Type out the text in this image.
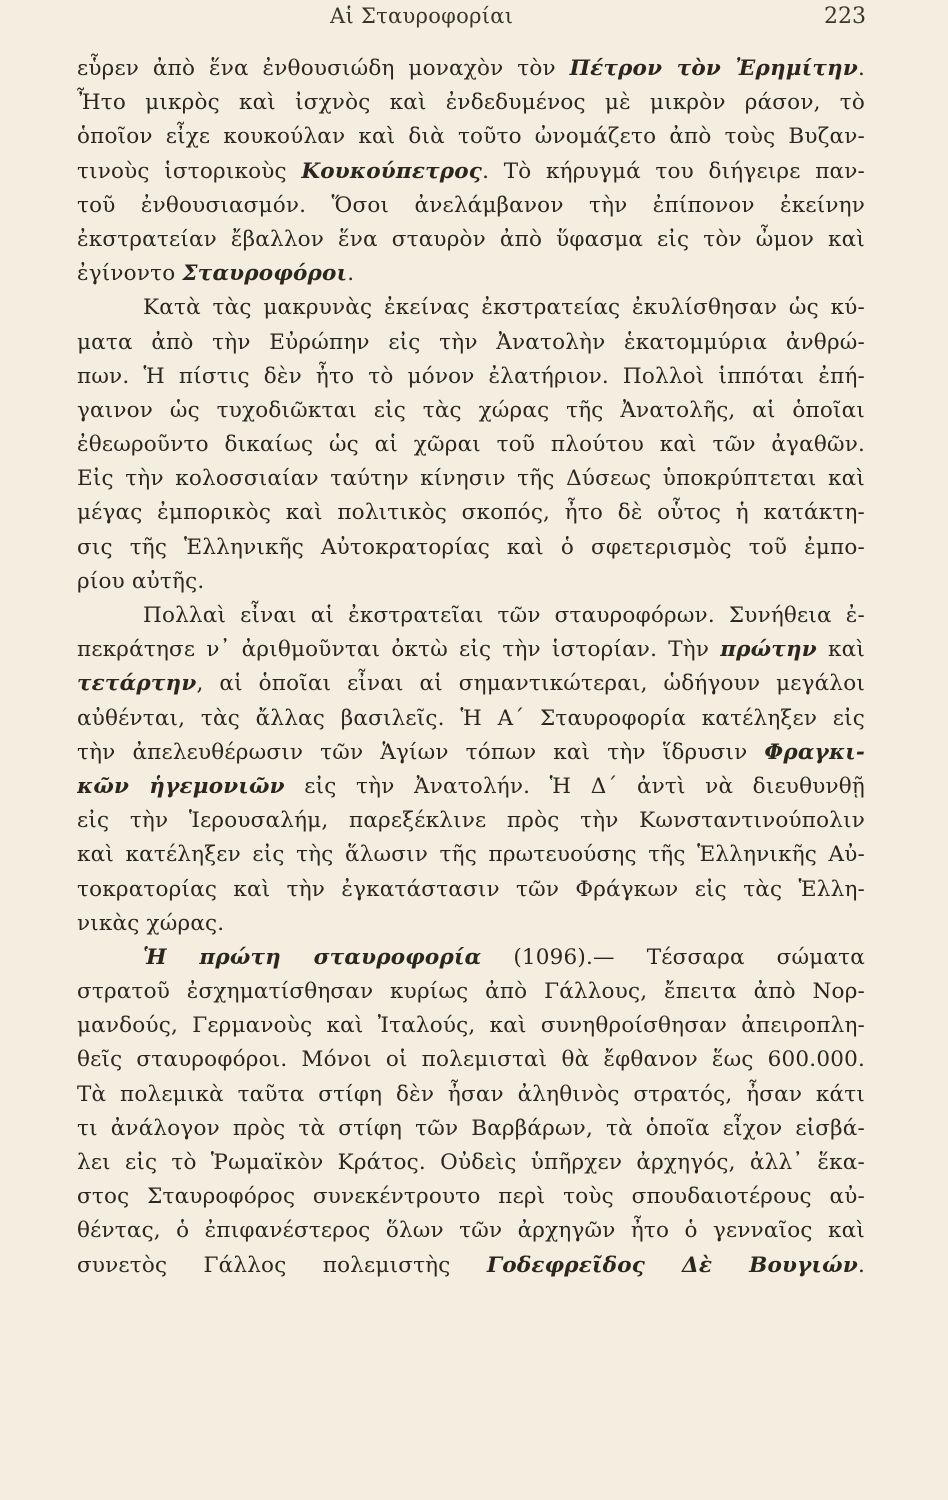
Αἱ Σταυροφορίαι	223
εὗρεν ἀπὸ ἕνα ἐνθουσιώδη μοναχὸν τὸν Πέτρον τὸν Ἐρημίτην.
Ἦτο μικρὸς καὶ ἰσχνὸς καὶ ἐνδεδυμένος μὲ μικρὸν ράσον, τὸ
ὁποῖον εἶχε κουκούλαν καὶ διὰ τοῦτο ὠνομάζετο ἀπὸ τοὺς Βυζαν-
τινοὺς ἱστορικοὺς Κουκούπετρος. Τὸ κήρυγμά του διήγειρε παν-
τοῦ ἐνθουσιασμόν. Ὅσοι ἀνελάμβανον τὴν ἐπίπονον ἐκείνην
ἐκστρατείαν ἔβαλλον ἕνα σταυρὸν ἀπὸ ὕφασμα εἰς τὸν ὦμον καὶ
ἐγίνοντο Σταυροφόροι.
Κατὰ τὰς μακρυνὰς ἐκείνας ἐκστρατείας ἐκυλίσθησαν ὡς κύ-
ματα ἀπὸ τὴν Εὐρώπην εἰς τὴν Ἀνατολὴν ἑκατομμύρια ἀνθρώ-
πων. Ἡ πίστις δὲν ἦτο τὸ μόνον ἐλατήριον. Πολλοὶ ἱππόται ἐπή-
γαινον ὡς τυχοδιῶκται εἰς τὰς χώρας τῆς Ἀνατολῆς, αἱ ὁποῖαι
ἐθεωροῦντο δικαίως ὡς αἱ χῶραι τοῦ πλούτου καὶ τῶν ἀγαθῶν.
Εἰς τὴν κολοσσιαίαν ταύτην κίνησιν τῆς Δύσεως ὑποκρύπτεται καὶ
μέγας ἐμπορικὸς καὶ πολιτικὸς σκοπός, ἦτο δὲ οὗτος ἡ κατάκτη-
σις τῆς Ἑλληνικῆς Αὐτοκρατορίας καὶ ὁ σφετερισμὸς τοῦ ἐμπο-
ρίου αὐτῆς.
Πολλαὶ εἶναι αἱ ἐκστρατεῖαι τῶν σταυροφόρων. Συνήθεια ἐ-
πεκράτησε ν᾿ ἀριθμοῦνται ὀκτὼ εἰς τὴν ἱστορίαν. Τὴν πρώτην καὶ
τετάρτην, αἱ ὁποῖαι εἶναι αἱ σημαντικώτεραι, ὡδήγουν μεγάλοι
αὐθένται, τὰς ἄλλας βασιλεῖς. Ἡ Α΄ Σταυροφορία κατέληξεν εἰς
τὴν ἀπελευθέρωσιν τῶν Ἁγίων τόπων καὶ τὴν ἵδρυσιν Φραγκι-
κῶν ἡγεμονιῶν εἰς τὴν Ἀνατολήν. Ἡ Δ΄ ἀντὶ νὰ διευθυνθῇ
εἰς τὴν Ἱερουσαλήμ, παρεξέκλινε πρὸς τὴν Κωνσταντινούπολιν
καὶ κατέληξεν εἰς τὴς ἅλωσιν τῆς πρωτευούσης τῆς Ἑλληνικῆς Αὐ-
τοκρατορίας καὶ τὴν ἐγκατάστασιν τῶν Φράγκων εἰς τὰς Ἑλλη-
νικὰς χώρας.
Ἡ πρώτη σταυροφορία (1096).— Τέσσαρα σώματα
στρατοῦ ἐσχηματίσθησαν κυρίως ἀπὸ Γάλλους, ἔπειτα ἀπὸ Νορ-
μανδούς, Γερμανοὺς καὶ Ἰταλούς, καὶ συνηθροίσθησαν ἀπειροπλη-
θεῖς σταυροφόροι. Μόνοι οἱ πολεμισταὶ θὰ ἔφθανον ἕως 600.000.
Τὰ πολεμικὰ ταῦτα στίφη δὲν ἦσαν ἀληθινὸς στρατός, ἦσαν κάτι
τι ἀνάλογον πρὸς τὰ στίφη τῶν Βαρβάρων, τὰ ὁποῖα εἶχον εἰσβά-
λει εἰς τὸ Ῥωμαϊκὸν Κράτος. Οὐδεὶς ὑπῆρχεν ἀρχηγός, ἀλλ᾿ ἕκα-
στος Σταυροφόρος συνεκέντρουτο περὶ τοὺς σπουδαιοτέρους αὐ-
θέντας, ὁ ἐπιφανέστερος ὅλων τῶν ἀρχηγῶν ἦτο ὁ γενναῖος καὶ
συνετὸς Γάλλος πολεμιστὴς Γοδεφρεῖδος Δὲ Βουγιών.
